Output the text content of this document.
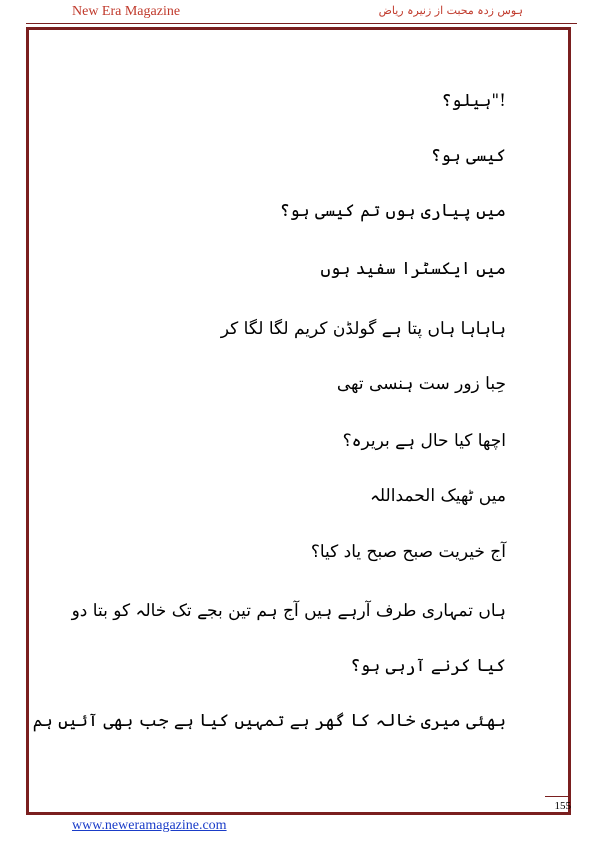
New Era Magazine	ہوس زدہ محبت از زنیرہ ریاض
!"ہیلو؟
کیسی ہو؟
میں پیاری ہوں تم کیسی ہو؟
میں ایکسٹرا سفید ہوں
ہاہاہا ہاں پتا ہے گولڈن کریم لگا لگا کر
حِبا زور ست ہنسی تھی
اچھا کیا حال ہے بریرہ؟
میں ٹھیک الحمداللہ
آج خیریت صبح صبح یاد کیا؟
ہاں تمہاری طرف آرہے ہیں آج ہم تین بجے تک خالہ کو بتا دو
کیا کرنے آرہی ہو؟
بھئی میری خالہ کا گھر ہے تمہیں کیا ہے جب بھی آئیں ہم
155
www.neweramagazine.com
